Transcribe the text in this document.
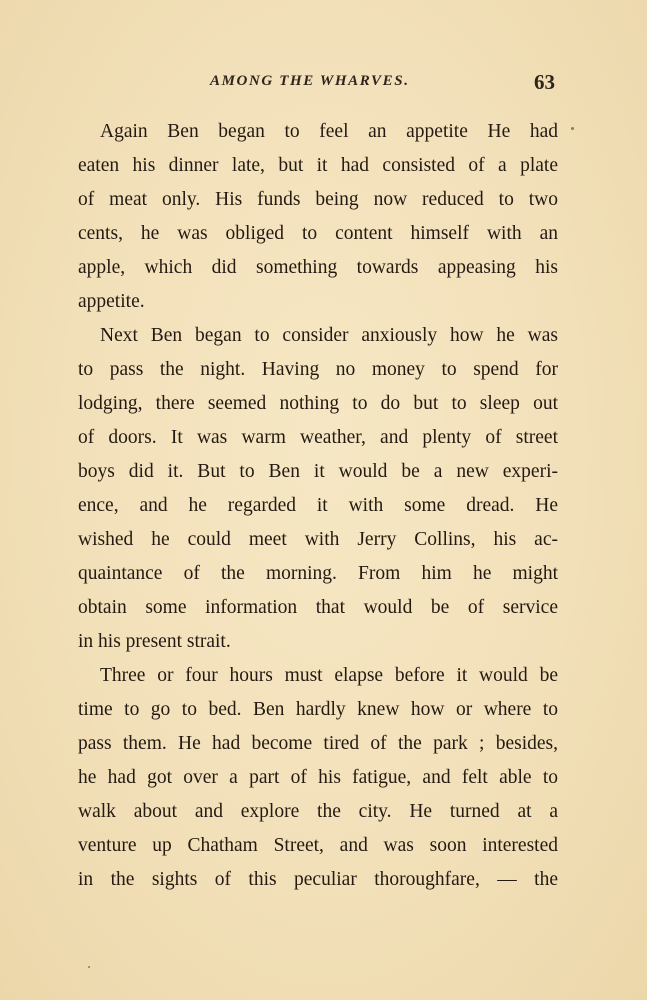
AMONG THE WHARVES.	63
Again Ben began to feel an appetite He had
eaten his dinner late, but it had consisted of a plate
of meat only. His funds being now reduced to two
cents, he was obliged to content himself with an
apple, which did something towards appeasing his
appetite.
Next Ben began to consider anxiously how he was
to pass the night. Having no money to spend for
lodging, there seemed nothing to do but to sleep out
of doors. It was warm weather, and plenty of street
boys did it. But to Ben it would be a new experi-
ence, and he regarded it with some dread. He
wished he could meet with Jerry Collins, his ac-
quaintance of the morning. From him he might
obtain some information that would be of service
in his present strait.
Three or four hours must elapse before it would be
time to go to bed. Ben hardly knew how or where to
pass them. He had become tired of the park ; besides,
he had got over a part of his fatigue, and felt able to
walk about and explore the city. He turned at a
venture up Chatham Street, and was soon interested
in the sights of this peculiar thoroughfare, — the
